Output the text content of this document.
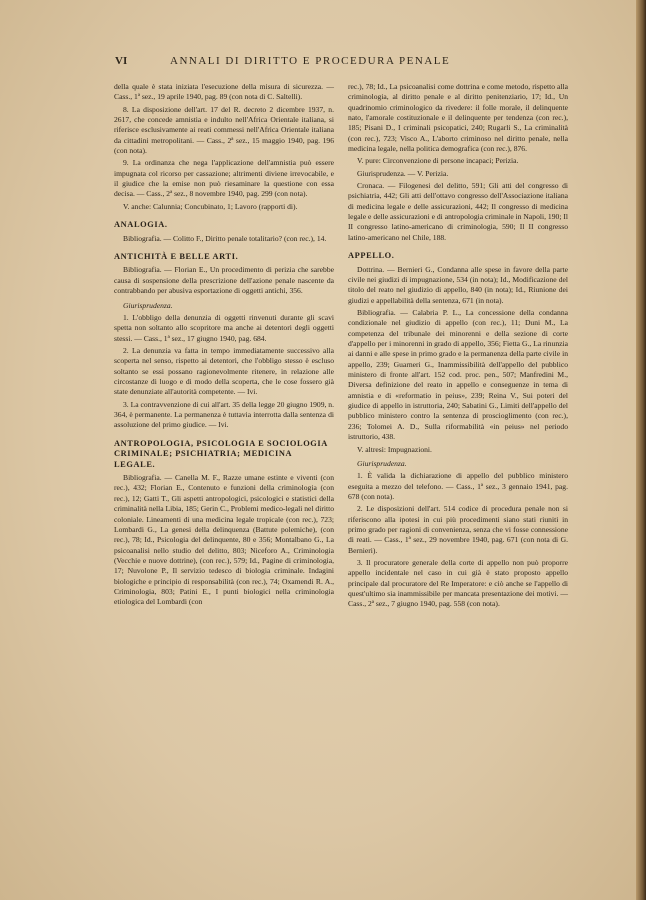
VI	ANNALI DI DIRITTO E PROCEDURA PENALE

della quale è stata iniziata l'esecuzione della misura di sicurezza. — Cass., 1ª sez., 19 aprile 1940, pag. 89 (con nota di C. Saltelli).

8. La disposizione dell'art. 17 del R. decreto 2 dicembre 1937, n. 2617, che concede amnistia e indulto nell'Africa Orientale italiana, si riferisce esclusivamente ai reati commessi nell'Africa Orientale italiana da cittadini metropolitani. — Cass., 2ª sez., 15 maggio 1940, pag. 196 (con nota).

9. La ordinanza che nega l'applicazione dell'amnistia può essere impugnata col ricorso per cassazione; altrimenti diviene irrevocabile, e il giudice che la emise non può riesaminare la questione con essa decisa. — Cass., 2ª sez., 8 novembre 1940, pag. 299 (con nota).

V. anche: Calunnia; Concubinato, 1; Lavoro (rapporti di).

ANALOGIA.

Bibliografia. — Colitto F., Diritto penale totalitario? (con rec.), 14.

ANTICHITÀ E BELLE ARTI.

Bibliografia. — Florian E., Un procedimento di perizia che sarebbe causa di sospensione della prescrizione dell'azione penale nascente da contrabbando per abusiva esportazione di oggetti antichi, 356.

Giurisprudenza.

1. L'obbligo della denunzia di oggetti rinvenuti durante gli scavi spetta non soltanto allo scopritore ma anche ai detentori degli oggetti stessi. — Cass., 1ª sez., 17 giugno 1940, pag. 684.

2. La denunzia va fatta in tempo immediatamente successivo alla scoperta nel senso, rispetto ai detentori, che l'obbligo stesso è escluso soltanto se essi possano ragionevolmente ritenere, in relazione alle circostanze di luogo e di modo della scoperta, che le cose fossero già state denunziate all'autorità competente. — Ivi.

3. La contravvenzione di cui all'art. 35 della legge 20 giugno 1909, n. 364, è permanente. La permanenza è tuttavia interrotta dalla sentenza di assoluzione del primo giudice. — Ivi.

ANTROPOLOGIA, PSICOLOGIA E SOCIOLOGIA CRIMINALE; PSICHIATRIA; MEDICINA LEGALE.

Bibliografia. — Canella M. F., Razze umane estinte e viventi (con rec.), 432; Florian E., Contenuto e funzioni della criminologia (con rec.), 12; Gatti T., Gli aspetti antropologici, psicologici e statistici della criminalità nella Libia, 185; Gerin C., Problemi medico-legali nel diritto coloniale. Lineamenti di una medicina legale tropicale (con rec.), 723; Lombardi G., La genesi della delinquenza (Battute polemiche), (con rec.), 78; Id., Psicologia del delinquente, 80 e 356; Montalbano G., La psicoanalisi nello studio del delitto, 803; Niceforo A., Criminologia (Vecchie e nuove dottrine), (con rec.), 579; Id., Pagine di criminologia, 17; Nuvolone P., Il servizio tedesco di biologia criminale. Indagini biologiche e principio di responsabilità (con rec.), 74; Oxamendi R. A., Criminologia, 803; Patini E., I punti biologici nella criminologia etiologica del Lombardi (con

rec.), 78; Id., La psicoanalisi come dottrina e come metodo, rispetto alla criminologia, al diritto penale e al diritto penitenziario, 17; Id., Un quadrinomio criminologico da rivedere: il folle morale, il delinquente nato, l'amorale costituzionale e il delinquente per tendenza (con rec.), 185; Pisani D., I criminali psicopatici, 240; Rugarli S., La criminalità (con rec.), 723; Visco A., L'aborto criminoso nel diritto penale, nella medicina legale, nella politica demografica (con rec.), 876.

V. pure: Circonvenzione di persone incapaci; Perizia.

Giurisprudenza. — V. Perizia.

Cronaca. — Filogenesi del delitto, 591; Gli atti del congresso di psichiatria, 442; Gli atti dell'ottavo congresso dell'Associazione italiana di medicina legale e delle assicurazioni, 442; Il congresso di medicina legale e delle assicurazioni e di antropologia criminale in Napoli, 190; Il II congresso latino-americano di criminologia, 590; Il II congresso latino-americano nel Chile, 188.

APPELLO.

Dottrina. — Bernieri G., Condanna alle spese in favore della parte civile nei giudizi di impugnazione, 534 (in nota); Id., Modificazione del titolo del reato nel giudizio di appello, 840 (in nota); Id., Riunione dei giudizi e appellabilità della sentenza, 671 (in nota).

Bibliografia. — Calabria P. L., La concessione della condanna condizionale nel giudizio di appello (con rec.), 11; Duni M., La competenza del tribunale dei minorenni e della sezione di corte d'appello per i minorenni in grado di appello, 356; Fietta G., La rinunzia ai danni e alle spese in primo grado e la permanenza della parte civile in appello, 239; Guarneri G., Inammissibilità dell'appello del pubblico ministero di fronte all'art. 152 cod. proc. pen., 507; Manfredini M., Diversa definizione del reato in appello e conseguenze in tema di amnistia e di «reformatio in peius», 239; Reina V., Sui poteri del giudice di appello in istruttoria, 240; Sabatini G., Limiti dell'appello del pubblico ministero contro la sentenza di proscioglimento (con rec.), 236; Tolomei A. D., Sulla riformabilità «in peius» nel periodo istruttorio, 438.

V. altresì: Impugnazioni.

Giurisprudenza.

1. È valida la dichiarazione di appello del pubblico ministero eseguita a mezzo del telefono. — Cass., 1ª sez., 3 gennaio 1941, pag. 678 (con nota).

2. Le disposizioni dell'art. 514 codice di procedura penale non si riferiscono alla ipotesi in cui più procedimenti siano stati riuniti in primo grado per ragioni di convenienza, senza che vi fosse connessione di reati. — Cass., 1ª sez., 29 novembre 1940, pag. 671 (con nota di G. Bernieri).

3. Il procuratore generale della corte di appello non può proporre appello incidentale nel caso in cui già è stato proposto appello principale dal procuratore del Re Imperatore: e ciò anche se l'appello di quest'ultimo sia inammissibile per mancata presentazione dei motivi. — Cass., 2ª sez., 7 giugno 1940, pag. 558 (con nota).
